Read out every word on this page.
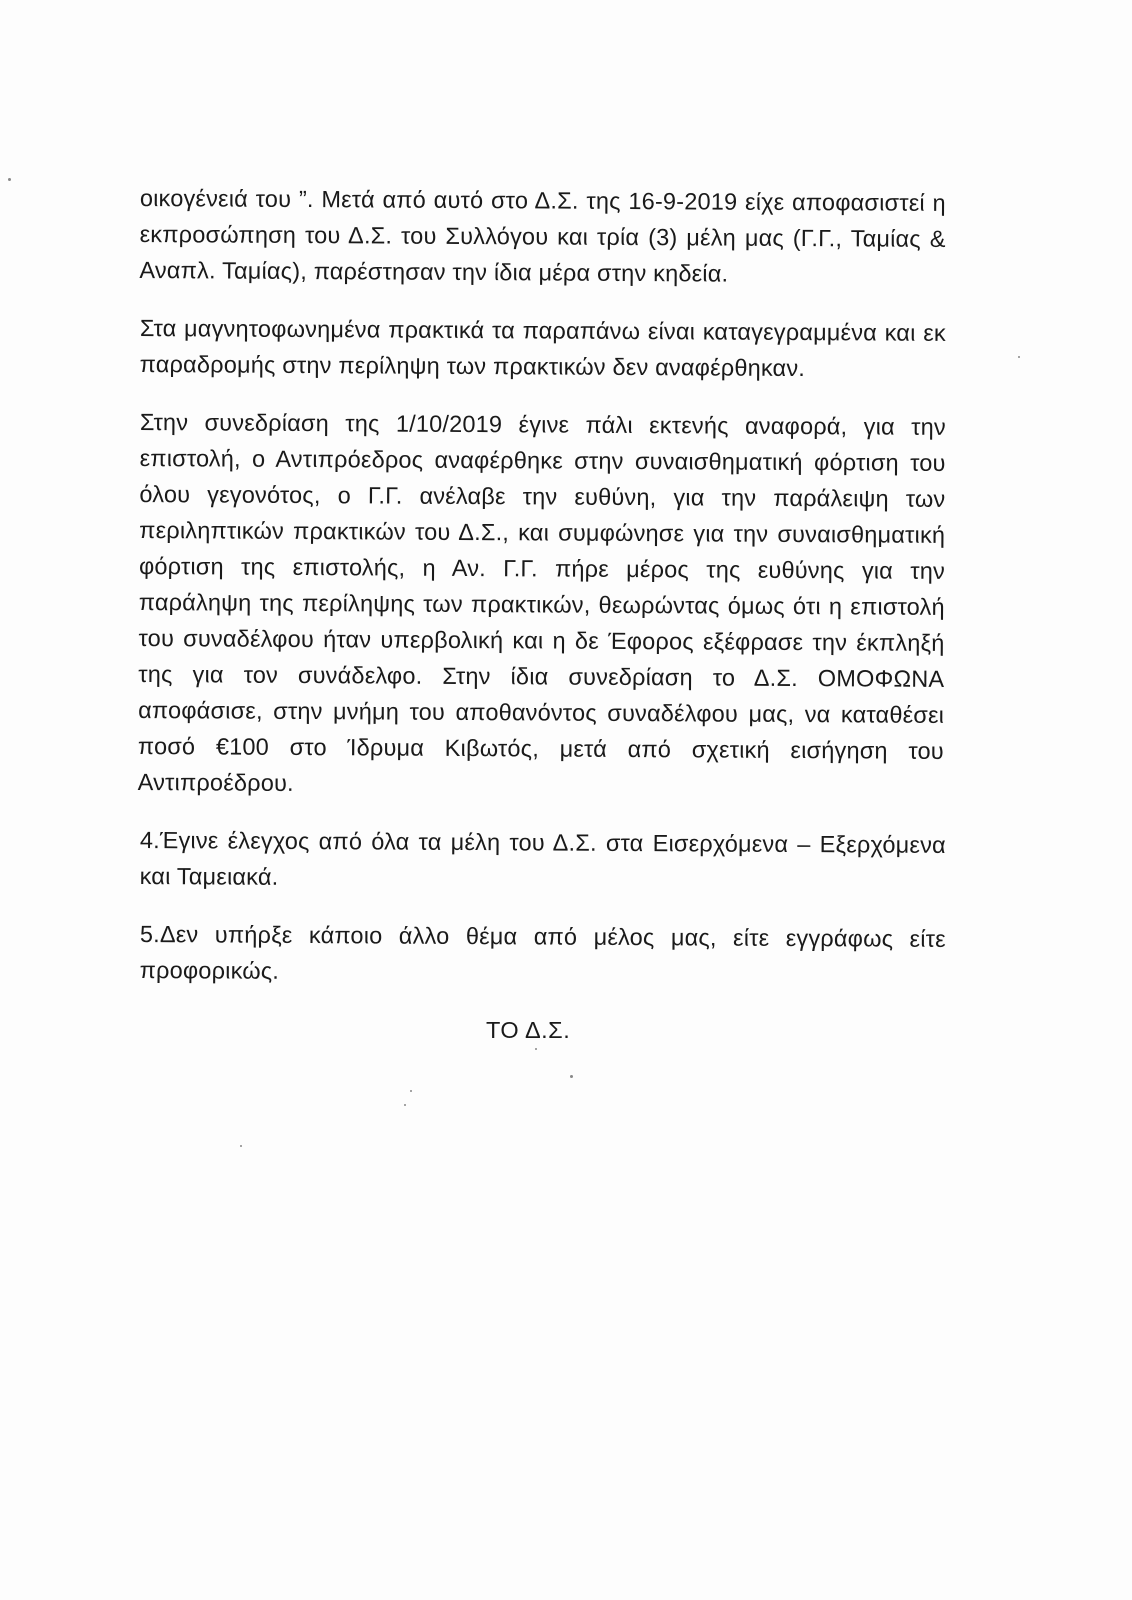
οικογένειά του ”. Μετά από αυτό στο Δ.Σ. της 16-9-2019 είχε αποφασιστεί η εκπροσώπηση του Δ.Σ. του Συλλόγου και τρία (3) μέλη μας (Γ.Γ., Ταμίας & Αναπλ. Ταμίας), παρέστησαν την ίδια μέρα στην κηδεία.

Στα μαγνητοφωνημένα πρακτικά τα παραπάνω είναι καταγεγραμμένα και εκ παραδρομής στην περίληψη των πρακτικών δεν αναφέρθηκαν.

Στην συνεδρίαση της 1/10/2019 έγινε πάλι εκτενής αναφορά, για την επιστολή, ο Αντιπρόεδρος αναφέρθηκε στην συναισθηματική φόρτιση του όλου γεγονότος, ο Γ.Γ. ανέλαβε την ευθύνη, για την παράλειψη των περιληπτικών πρακτικών του Δ.Σ., και συμφώνησε για την συναισθηματική φόρτιση της επιστολής, η Αν. Γ.Γ. πήρε μέρος της ευθύνης για την παράληψη της περίληψης των πρακτικών, θεωρώντας όμως ότι η επιστολή του συναδέλφου ήταν υπερβολική και η δε Έφορος εξέφρασε την έκπληξή της για τον συνάδελφο. Στην ίδια συνεδρίαση το Δ.Σ. ΟΜΟΦΩΝΑ αποφάσισε, στην μνήμη του αποθανόντος συναδέλφου μας, να καταθέσει ποσό €100 στο Ίδρυμα Κιβωτός, μετά από σχετική εισήγηση του Αντιπροέδρου.

4.Έγινε έλεγχος από όλα τα μέλη του Δ.Σ. στα Εισερχόμενα – Εξερχόμενα και Ταμειακά.

5.Δεν υπήρξε κάποιο άλλο θέμα από μέλος μας, είτε εγγράφως είτε προφορικώς.

ΤΟ Δ.Σ.
